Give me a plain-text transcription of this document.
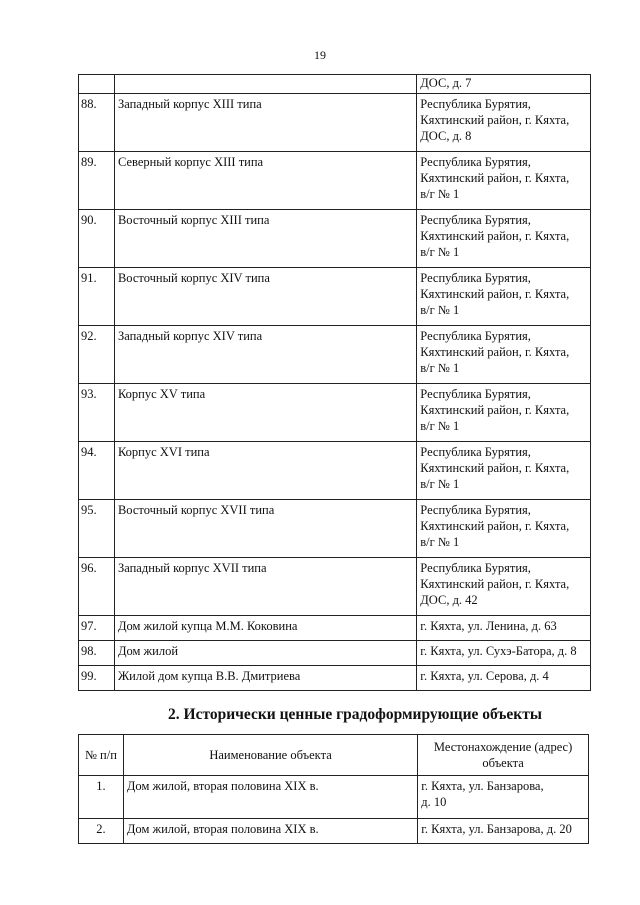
19
		ДОС, д. 7
88.	Западный корпус XIII типа	Республика Бурятия,
Кяхтинский район, г. Кяхта,
ДОС, д. 8
89.	Северный корпус XIII типа	Республика Бурятия,
Кяхтинский район, г. Кяхта,
в/г № 1
90.	Восточный корпус XIII типа	Республика Бурятия,
Кяхтинский район, г. Кяхта,
в/г № 1
91.	Восточный корпус XIV типа	Республика Бурятия,
Кяхтинский район, г. Кяхта,
в/г № 1
92.	Западный корпус XIV типа	Республика Бурятия,
Кяхтинский район, г. Кяхта,
в/г № 1
93.	Корпус XV типа	Республика Бурятия,
Кяхтинский район, г. Кяхта,
в/г № 1
94.	Корпус XVI типа	Республика Бурятия,
Кяхтинский район, г. Кяхта,
в/г № 1
95.	Восточный корпус XVII типа	Республика Бурятия,
Кяхтинский район, г. Кяхта,
в/г № 1
96.	Западный корпус XVII типа	Республика Бурятия,
Кяхтинский район, г. Кяхта,
ДОС, д. 42
97.	Дом жилой купца М.М. Коковина	г. Кяхта, ул. Ленина, д. 63
98.	Дом жилой	г. Кяхта, ул. Сухэ-Батора, д. 8
99.	Жилой дом купца В.В. Дмитриева	г. Кяхта, ул. Серова, д. 4
2. Исторически ценные градоформирующие объекты
№ п/п	Наименование объекта	Местонахождение (адрес)
объекта
1.	Дом жилой, вторая половина XIX в.	г. Кяхта, ул. Банзарова,
д. 10
2.	Дом жилой, вторая половина XIX в.	г. Кяхта, ул. Банзарова, д. 20
